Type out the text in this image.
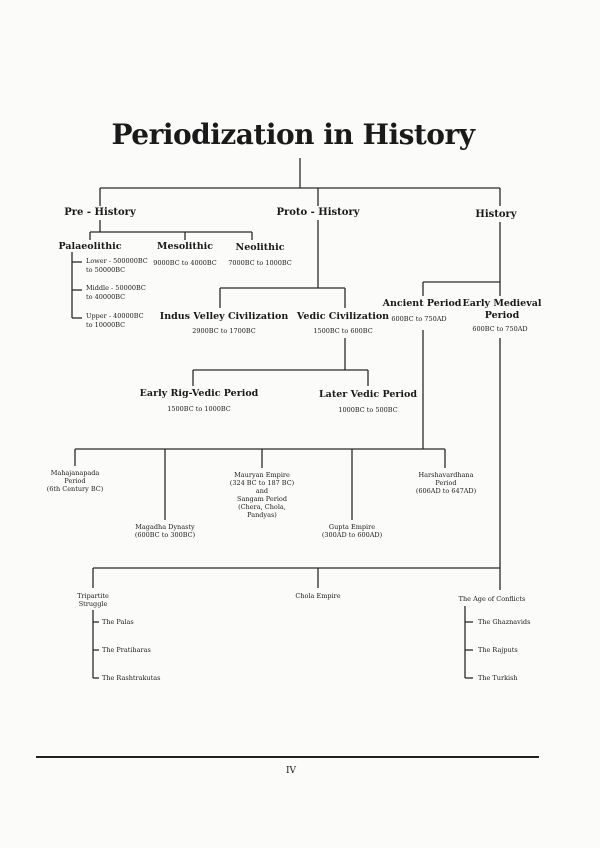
Periodization in History
Pre - History	Proto - History	History
Palaeolithic	Mesolithic
9000BC to 4000BC
Neolithic
7000BC to 1000BC
Lower - 500000BC
to 50000BC
Middle - 50000BC
to 40000BC
Upper - 40000BC
to 10000BC
Indus Velley Civilization
2900BC to 1700BC
Vedic Civilization
1500BC to 600BC
Early Rig-Vedic Period
1500BC to 1000BC
Later Vedic Period
1000BC to 500BC
Ancient Period
600BC to 750AD
Early Medieval
Period
600BC to 750AD
Mahajanapada
Period
(6th Century BC)
Magadha Dynasty
(600BC to 300BC)
Mauryan Empire
(324 BC to 187 BC)
and
Sangam Period
(Chera, Chola,
Pandyas)
Gupta Empire
(300AD to 600AD)
Harshavardhana
Period
(606AD to 647AD)
Tripartite
Struggle
The Palas
The Pratiharas
The Rashtrakutas
Chola Empire	The Age of Conflicts
The Ghaznavids
The Rajputs
The Turkish
IV
